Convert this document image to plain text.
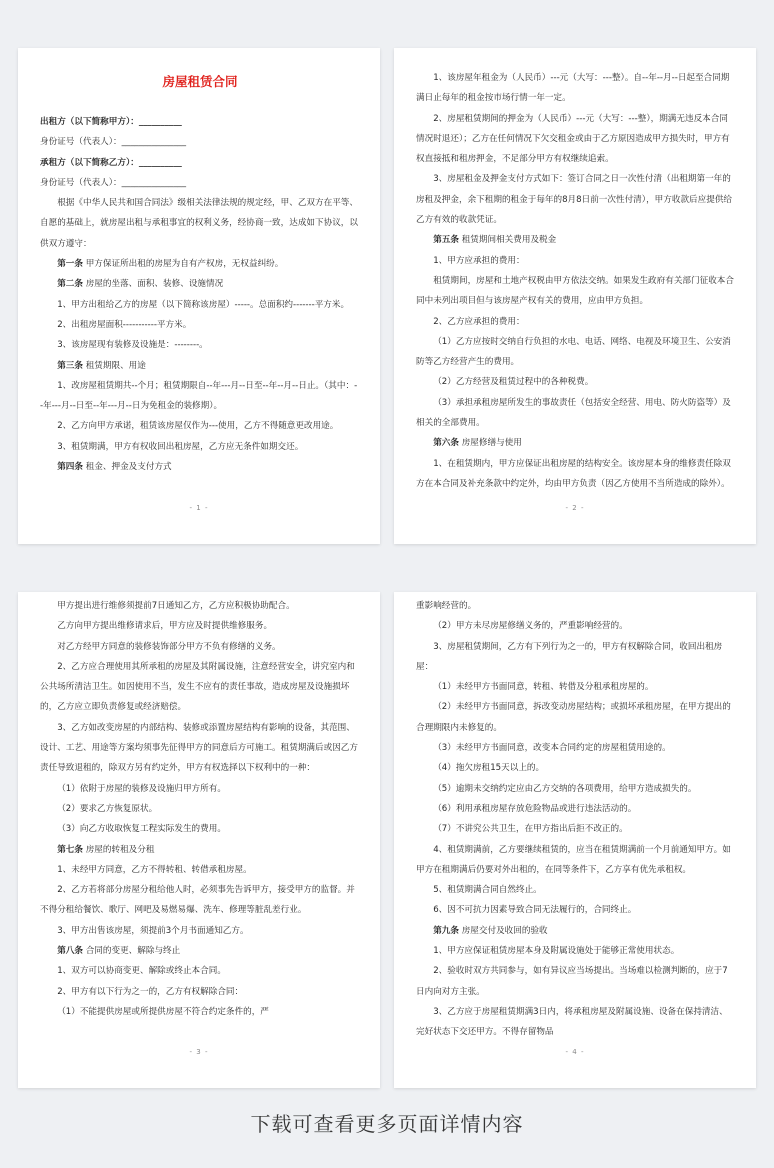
房屋租赁合同
出租方（以下简称甲方）：__________
身份证号（代表人）：_______________
承租方（以下简称乙方）：__________
身份证号（代表人）：_______________
根据《中华人民共和国合同法》级相关法律法规的规定经，甲、乙双方在平等、自愿的基础上，就房屋出租与承租事宜的权利义务，经协商一致，达成如下协议，以供双方遵守：
第一条 甲方保证所出租的房屋为自有产权房，无权益纠纷。
第二条 房屋的坐落、面积、装修、设施情况
1、甲方出租给乙方的房屋（以下简称该房屋）-----。总面积约-------平方米。
2、出租房屋面积-----------平方米。
3、该房屋现有装修及设施是：--------。
第三条 租赁期限、用途
1、改房屋租赁期共--个月；租赁期限自--年---月--日至--年--月--日止。（其中：--年---月--日至--年---月--日为免租金的装修期）。
2、乙方向甲方承诺，租赁该房屋仅作为---使用，乙方不得随意更改用途。
3、租赁期满，甲方有权收回出租房屋，乙方应无条件如期交还。
第四条 租金、押金及支付方式
- 1 -
1、该房屋年租金为（人民币）---元（大写：---整）。自--年--月--日起至合同期满日止每年的租金按市场行情一年一定。
2、房屋租赁期间的押金为（人民币）---元（大写：---整），期满无违反本合同情况时退还）；乙方在任何情况下欠交租金或由于乙方原因造成甲方损失时，甲方有权直接抵和租房押金，不足部分甲方有权继续追索。
3、房屋租金及押金支付方式如下：签订合同之日一次性付清（出租期第一年的房租及押金，余下租期的租金于每年的8月8日前一次性付清），甲方收款后应提供给乙方有效的收款凭证。
第五条 租赁期间相关费用及税金
1、甲方应承担的费用：
租赁期间，房屋和土地产权税由甲方依法交纳。如果发生政府有关部门征收本合同中未列出项目但与该房屋产权有关的费用，应由甲方负担。
2、乙方应承担的费用：
（1）乙方应按时交纳自行负担的水电、电话、网络、电视及环境卫生、公安消防等乙方经营产生的费用。
（2）乙方经营及租赁过程中的各种税费。
（3）承担承租房屋所发生的事故责任（包括安全经营、用电、防火防盗等）及相关的全部费用。
第六条 房屋修缮与使用
1、在租赁期内，甲方应保证出租房屋的结构安全。该房屋本身的维修责任除双方在本合同及补充条款中约定外，均由甲方负责（因乙方使用不当所造成的除外）。
- 2 -
甲方提出进行维修须提前7日通知乙方，乙方应积极协助配合。
乙方向甲方提出维修请求后，甲方应及时提供维修服务。
对乙方经甲方同意的装修装饰部分甲方不负有修缮的义务。
2、乙方应合理使用其所承租的房屋及其附属设施，注意经营安全，讲究室内和公共场所清洁卫生。如因使用不当，发生不应有的责任事故，造成房屋及设施损坏的，乙方应立即负责修复或经济赔偿。
3、乙方如改变房屋的内部结构、装修或添置房屋结构有影响的设备，其范围、设计、工艺、用途等方案均须事先征得甲方的同意后方可施工。租赁期满后或因乙方责任导致退租的，除双方另有约定外，甲方有权选择以下权利中的一种：
（1）依附于房屋的装修及设施归甲方所有。
（2）要求乙方恢复原状。
（3）向乙方收取恢复工程实际发生的费用。
第七条 房屋的转租及分租
1、未经甲方同意，乙方不得转租、转借承租房屋。
2、乙方若将部分房屋分租给他人时，必须事先告诉甲方，接受甲方的监督。并不得分租给餐饮、歌厅、网吧及易燃易爆、洗车、修理等脏乱差行业。
3、甲方出售该房屋，须提前3个月书面通知乙方。
第八条 合同的变更、解除与终止
1、双方可以协商变更、解除或终止本合同。
2、甲方有以下行为之一的，乙方有权解除合同：
（1）不能提供房屋或所提供房屋不符合约定条件的，严
- 3 -
重影响经营的。
（2）甲方未尽房屋修缮义务的，严重影响经营的。
3、房屋租赁期间，乙方有下列行为之一的，甲方有权解除合同，收回出租房屋：
（1）未经甲方书面同意，转租、转借及分租承租房屋的。
（2）未经甲方书面同意，拆改变动房屋结构；或损坏承租房屋，在甲方提出的合理期限内未修复的。
（3）未经甲方书面同意，改变本合同约定的房屋租赁用途的。
（4）拖欠房租15天以上的。
（5）逾期未交纳约定应由乙方交纳的各项费用，给甲方造成损失的。
（6）利用承租房屋存放危险物品或进行违法活动的。
（7）不讲究公共卫生，在甲方指出后拒不改正的。
4、租赁期满前，乙方要继续租赁的，应当在租赁期满前一个月前通知甲方。如甲方在租期满后仍要对外出租的，在同等条件下，乙方享有优先承租权。
5、租赁期满合同自然终止。
6、因不可抗力因素导致合同无法履行的，合同终止。
第九条 房屋交付及收回的验收
1、甲方应保证租赁房屋本身及附属设施处于能够正常使用状态。
2、验收时双方共同参与，如有异议应当场提出。当场难以检测判断的，应于7日内向对方主张。
3、乙方应于房屋租赁期满3日内，将承租房屋及附属设施、设备在保持清洁、完好状态下交还甲方。不得存留物品
- 4 -
下载可查看更多页面详情内容
